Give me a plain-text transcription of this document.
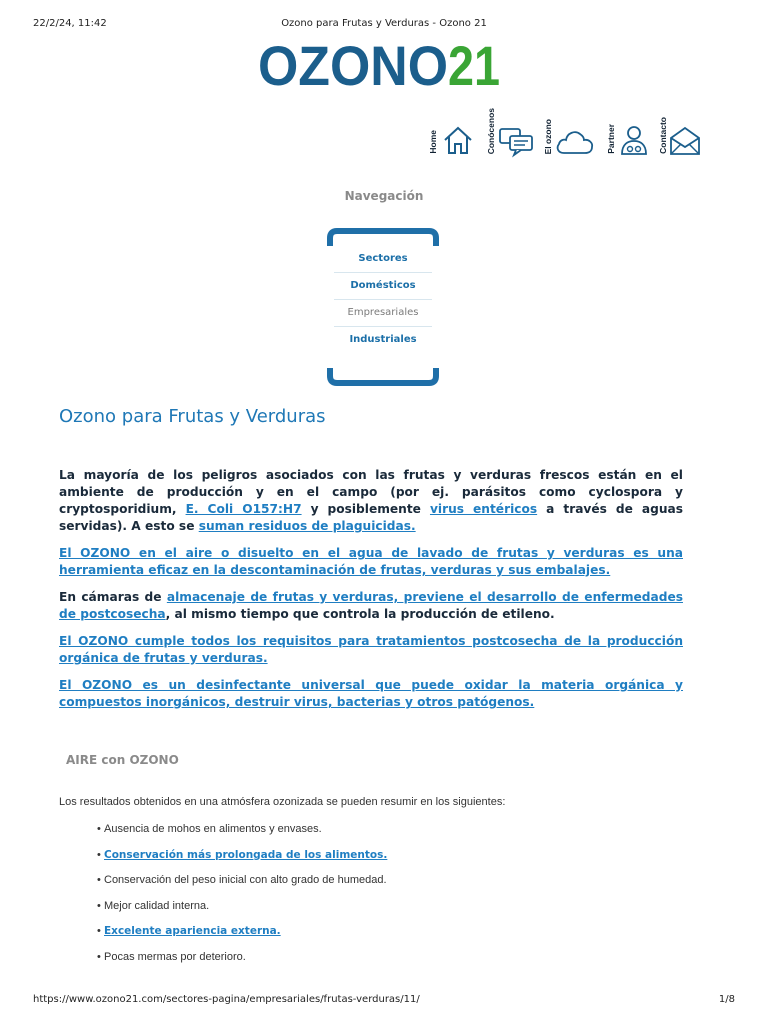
22/2/24, 11:42	Ozono para Frutas y Verduras - Ozono 21
OZONO 21
Home	Conócenos	El ozono	Partner	Contacto
Navegación
Sectores
Domésticos
Empresariales
Industriales
Ozono para Frutas y Verduras

La mayoría de los peligros asociados con las frutas y verduras frescos están en el ambiente de producción y en el campo (por ej. parásitos como cyclospora y cryptosporidium, E. Coli O157:H7 y posiblemente virus entéricos a través de aguas servidas). A esto se suman residuos de plaguicidas.

El OZONO en el aire o disuelto en el agua de lavado de frutas y verduras es una herramienta eficaz en la descontaminación de frutas, verduras y sus embalajes.

En cámaras de almacenaje de frutas y verduras, previene el desarrollo de enfermedades de postcosecha, al mismo tiempo que controla la producción de etileno.

El OZONO cumple todos los requisitos para tratamientos postcosecha de la producción orgánica de frutas y verduras.

El OZONO es un desinfectante universal que puede oxidar la materia orgánica y compuestos inorgánicos, destruir virus, bacterias y otros patógenos.

AIRE con OZONO

Los resultados obtenidos en una atmósfera ozonizada se pueden resumir en los siguientes:

• Ausencia de mohos en alimentos y envases.
• Conservación más prolongada de los alimentos.
• Conservación del peso inicial con alto grado de humedad.
• Mejor calidad interna.
• Excelente apariencia externa.
• Pocas mermas por deterioro.
https://www.ozono21.com/sectores-pagina/empresariales/frutas-verduras/11/	1/8
